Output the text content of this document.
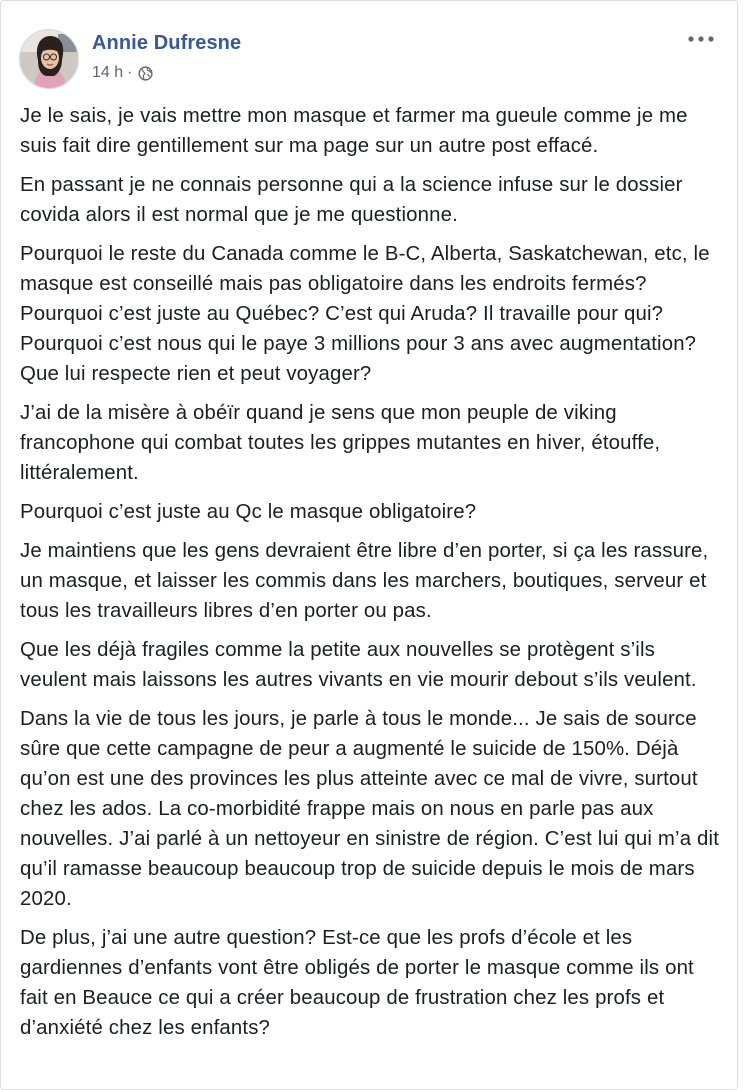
Annie Dufresne
14 h ·

Je le sais, je vais mettre mon masque et farmer ma gueule comme je me suis fait dire gentillement sur ma page sur un autre post effacé.

En passant je ne connais personne qui a la science infuse sur le dossier covida alors il est normal que je me questionne.

Pourquoi le reste du Canada comme le B-C, Alberta, Saskatchewan, etc, le masque est conseillé mais pas obligatoire dans les endroits fermés? Pourquoi c’est juste au Québec? C’est qui Aruda? Il travaille pour qui? Pourquoi c’est nous qui le paye 3 millions pour 3 ans avec augmentation? Que lui respecte rien et peut voyager?

J’ai de la misère à obéïr quand je sens que mon peuple de viking francophone qui combat toutes les grippes mutantes en hiver, étouffe, littéralement.

Pourquoi c’est juste au Qc le masque obligatoire?

Je maintiens que les gens devraient être libre d’en porter, si ça les rassure, un masque, et laisser les commis dans les marchers, boutiques, serveur et tous les travailleurs libres d’en porter ou pas.

Que les déjà fragiles comme la petite aux nouvelles se protègent s’ils veulent mais laissons les autres vivants en vie mourir debout s’ils veulent.

Dans la vie de tous les jours, je parle à tous le monde... Je sais de source sûre que cette campagne de peur a augmenté le suicide de 150%. Déjà qu’on est une des provinces les plus atteinte avec ce mal de vivre, surtout chez les ados. La co-morbidité frappe mais on nous en parle pas aux nouvelles. J’ai parlé à un nettoyeur en sinistre de région. C’est lui qui m’a dit qu’il ramasse beaucoup beaucoup trop de suicide depuis le mois de mars 2020.

De plus, j’ai une autre question? Est-ce que les profs d’école et les gardiennes d’enfants vont être obligés de porter le masque comme ils ont fait en Beauce ce qui a créer beaucoup de frustration chez les profs et d’anxiété chez les enfants?
